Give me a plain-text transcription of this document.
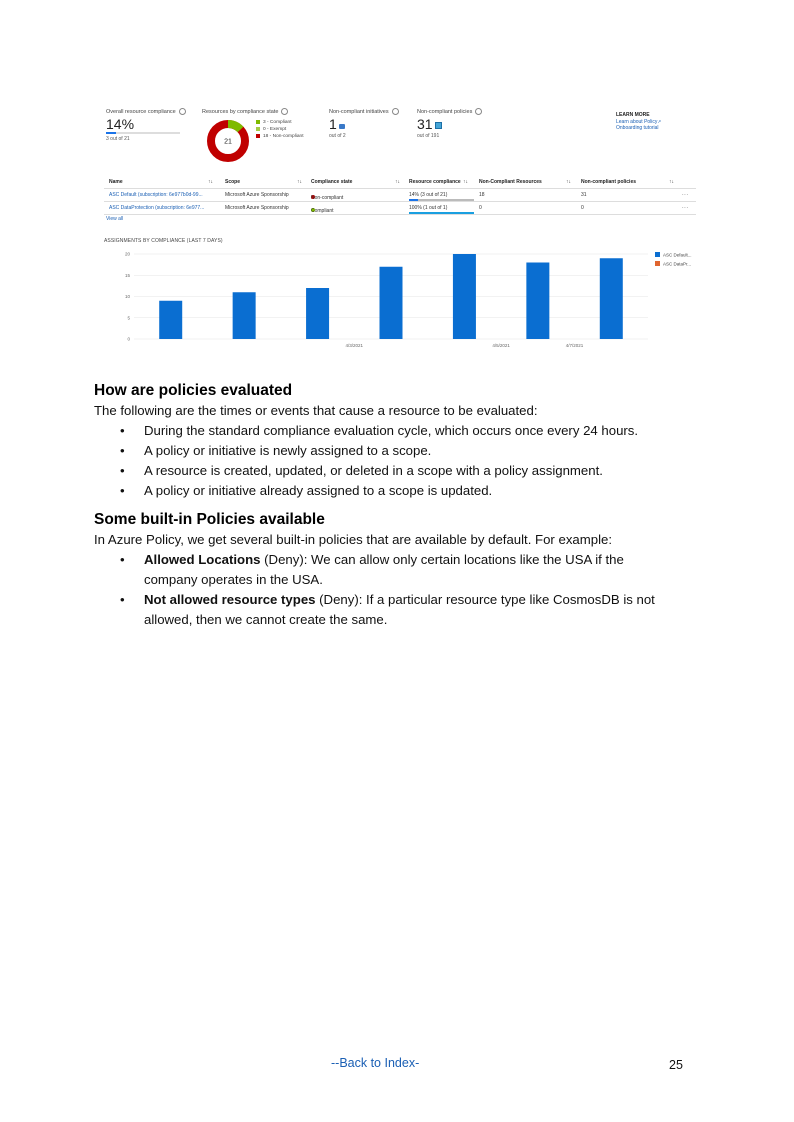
Overall resource compliance
14%
3 out of 21
Resources by compliance state
21
3 - Compliant
0 - Exempt
18 - Non-compliant
Non-compliant initiatives
1
out of 2
Non-compliant policies
31
out of 191
LEARN MORE
Learn about Policy↗
Onboarding tutorial
Name	↑↓ Scope	↑↓ Compliance state	↑↓ Resource compliance ↑↓ Non-Compliant Resources	↑↓ Non-compliant policies	↑↓
ASC Default (subscription: 6e977b0d-99...	Microsoft Azure Sponsorship	Non-compliant	14% (3 out of 21)	18	31	···
ASC DataProtection (subscription: 6e977...	Microsoft Azure Sponsorship	Compliant	100% (1 out of 1)	0	0	···
View all
ASSIGNMENTS BY COMPLIANCE (LAST 7 DAYS)
0
5
10
15
20
4/3/2021	4/5/2021	4/7/2021
ASC Default...
ASC DataPr...
How are policies evaluated

The following are the times or events that cause a resource to be evaluated:

• During the standard compliance evaluation cycle, which occurs once every 24 hours.
• A policy or initiative is newly assigned to a scope.
• A resource is created, updated, or deleted in a scope with a policy assignment.
• A policy or initiative already assigned to a scope is updated.
Some built-in Policies available

In Azure Policy, we get several built-in policies that are available by default. For example:

• Allowed Locations (Deny): We can allow only certain locations like the USA if the
company operates in the USA.
• Not allowed resource types (Deny): If a particular resource type like CosmosDB is not
allowed, then we cannot create the same.
--Back to Index-	25
